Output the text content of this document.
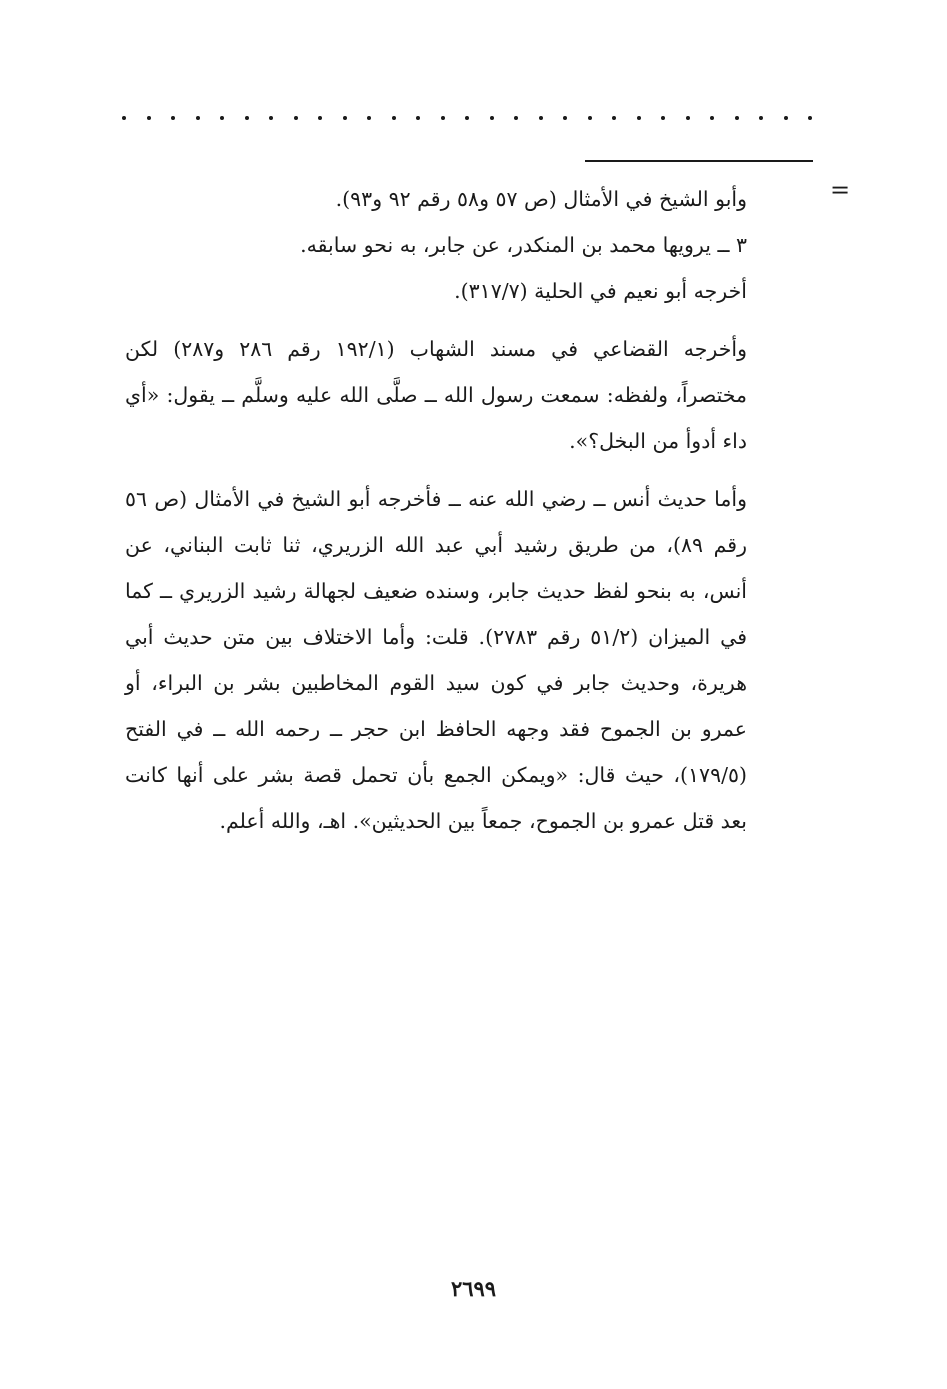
=

وأبو الشيخ في الأمثال (ص ٥٧ و٥٨ رقم ٩٢ و٩٣).

٣ ــ يرويها محمد بن المنكدر، عن جابر، به نحو سابقه.

أخرجه أبو نعيم في الحلية (٣١٧/٧).

وأخرجه القضاعي في مسند الشهاب (١٩٢/١ رقم ٢٨٦ و٢٨٧) لكن مختصراً، ولفظه: سمعت رسول الله ــ صلَّى الله عليه وسلَّم ــ يقول: «أي داء أدوأ من البخل؟».

وأما حديث أنس ــ رضي الله عنه ــ فأخرجه أبو الشيخ في الأمثال (ص ٥٦ رقم ٨٩)، من طريق رشيد أبي عبد الله الزريري، ثنا ثابت البناني، عن أنس، به بنحو لفظ حديث جابر، وسنده ضعيف لجهالة رشيد الزريري ــ كما في الميزان (٥١/٢ رقم ٢٧٨٣). قلت: وأما الاختلاف بين متن حديث أبي هريرة، وحديث جابر في كون سيد القوم المخاطبين بشر بن البراء، أو عمرو بن الجموح فقد وجهه الحافظ ابن حجر ــ رحمه الله ــ في الفتح (١٧٩/٥)، حيث قال: «ويمكن الجمع بأن تحمل قصة بشر على أنها كانت بعد قتل عمرو بن الجموح، جمعاً بين الحديثين». اهـ، والله أعلم.

٢٦٩٩
